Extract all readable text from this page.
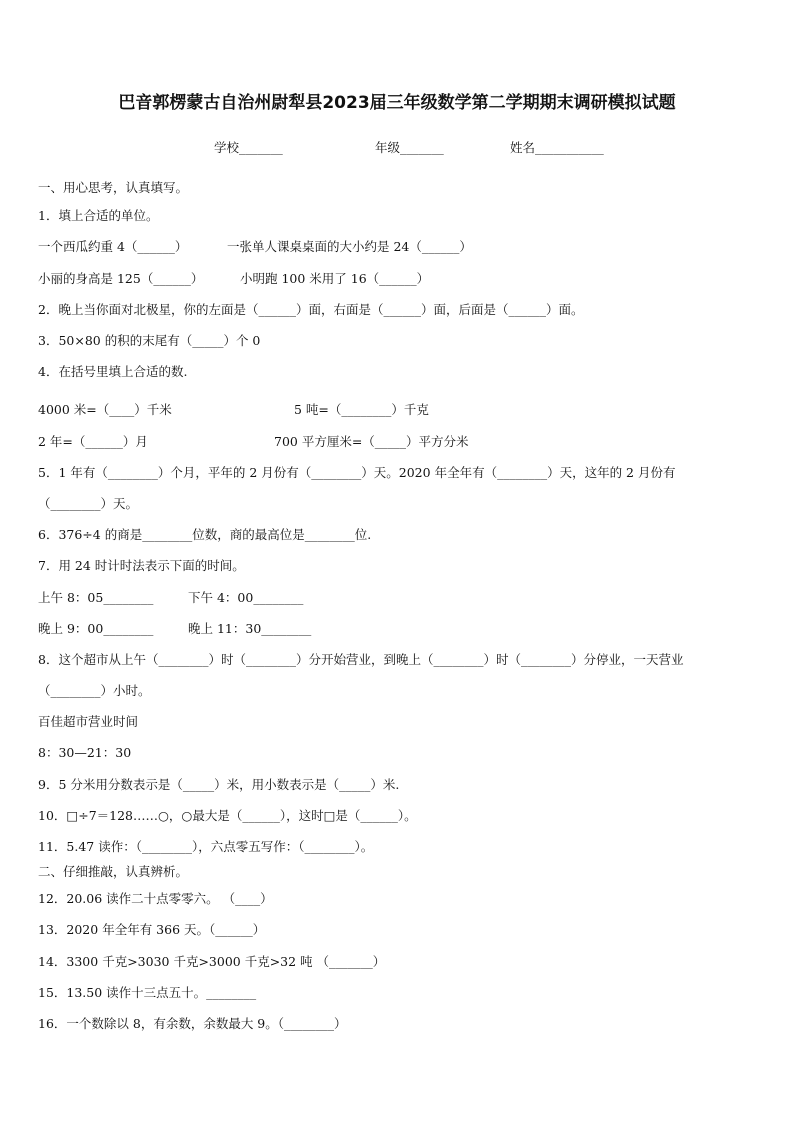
巴音郭楞蒙古自治州尉犁县2023届三年级数学第二学期期末调研模拟试题
学校_______	年级_______	姓名___________
一、用心思考，认真填写。
1．填上合适的单位。
一个西瓜约重 4（______）	一张单人课桌桌面的大小约是 24（______）
小丽的身高是 125（______）	小明跑 100 米用了 16（______）
2．晚上当你面对北极星，你的左面是（______）面，右面是（______）面，后面是（______）面。
3．50×80 的积的末尾有（_____）个 0
4．在括号里填上合适的数.
4000 米=（____）千米	5 吨=（________）千克
2 年=（______）月	700 平方厘米=（_____）平方分米
5．1 年有（________）个月，平年的 2 月份有（________）天。2020 年全年有（________）天，这年的 2 月份有
（________）天。
6．376÷4 的商是________位数，商的最高位是________位.
7．用 24 时计时法表示下面的时间。
上午 8：05________	下午 4：00________
晚上 9：00________	晚上 11：30________
8．这个超市从上午（________）时（________）分开始营业，到晚上（________）时（________）分停业，一天营业
（________）小时。
百佳超市营业时间
8：30—21：30
9．5 分米用分数表示是（_____）米，用小数表示是（_____）米.
10．□÷7＝128……○，○最大是（______），这时□是（______）。
11．5.47 读作：（________），六点零五写作：（________）。
二、仔细推敲，认真辨析。
12．20.06 读作二十点零零六。 （____）
13．2020 年全年有 366 天。（______）
14．3300 千克>3030 千克>3000 千克>32 吨 （_______）
15．13.50 读作十三点五十。________
16．一个数除以 8，有余数，余数最大 9。（________）
